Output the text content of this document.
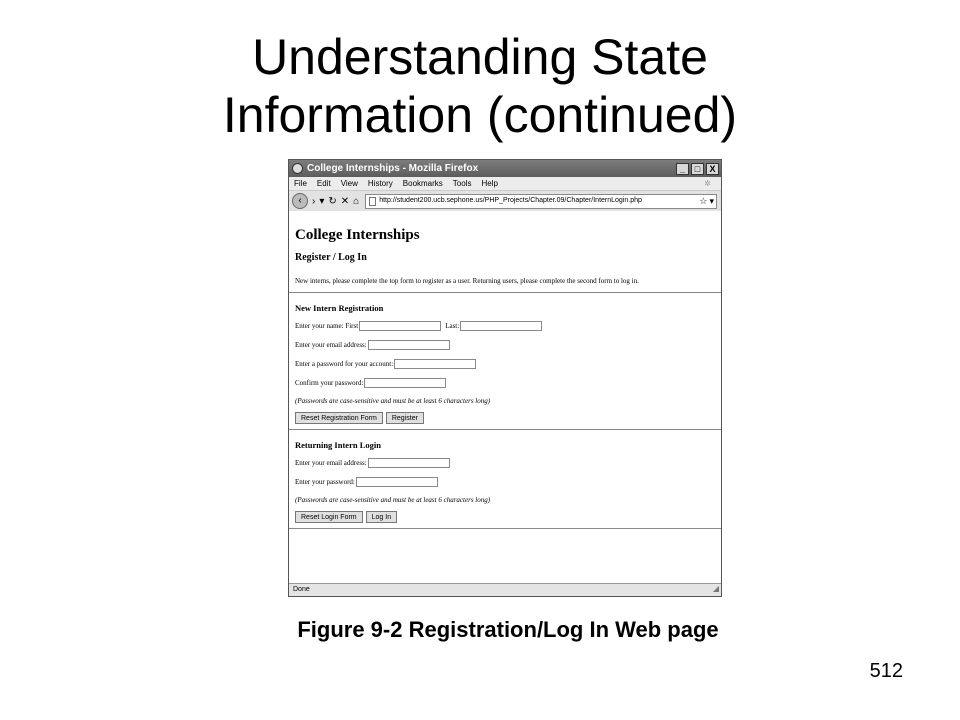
Understanding State
Information (continued)
College Internships - Mozilla Firefox	_	□	X
File Edit View History Bookmarks Tools Help	✲
‹	› ▾ ↻ ✕ ⌂	http://student200.ucb.sephone.us/PHP_Projects/Chapter.09/Chapter/InternLogin.php	☆ ▾
College Internships
Register / Log In
New interns, please complete the top form to register as a user. Returning users, please complete the second form to log in.
New Intern Registration
Enter your name: First	Last:
Enter your email address:
Enter a password for your account:
Confirm your password:
(Passwords are case-sensitive and must be at least 6 characters long)
Reset Registration Form	Register
Returning Intern Login
Enter your email address:
Enter your password:
(Passwords are case-sensitive and must be at least 6 characters long)
Reset Login Form	Log In
Done	◢
Figure 9-2 Registration/Log In Web page
512
